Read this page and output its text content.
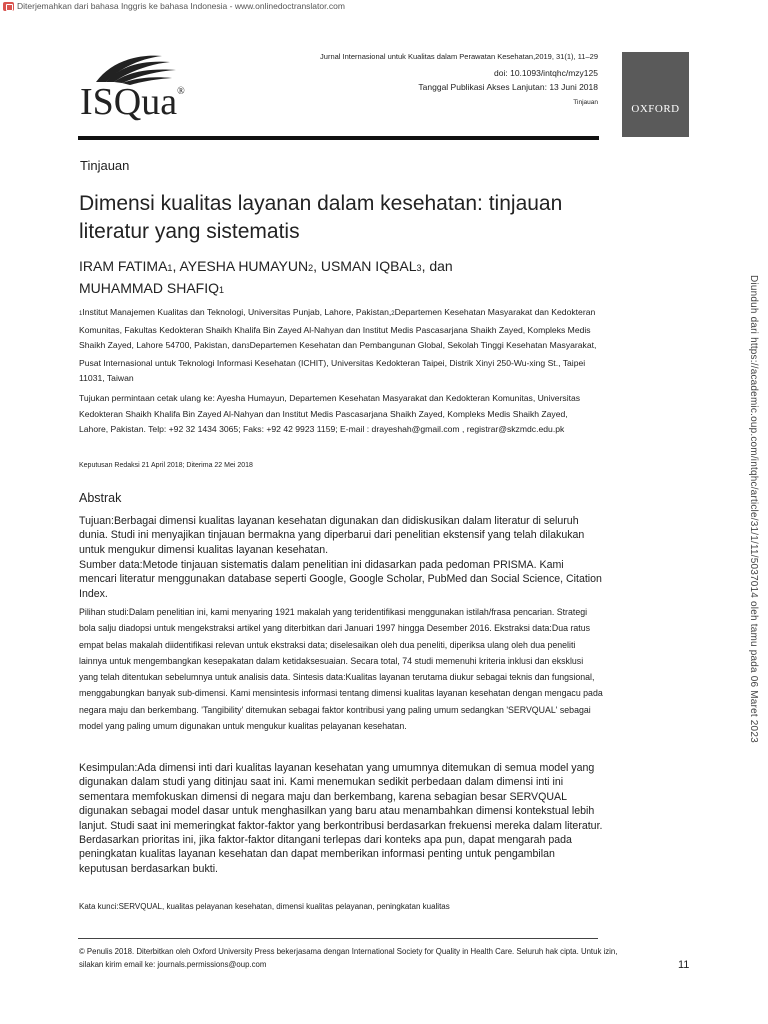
Diterjemahkan dari bahasa Inggris ke bahasa Indonesia - www.onlinedoctranslator.com
ISQua®
Jurnal Internasional untuk Kualitas dalam Perawatan Kesehatan,2019, 31(1), 11–29
doi: 10.1093/intqhc/mzy125
Tanggal Publikasi Akses Lanjutan: 13 Juni 2018
Tinjauan
OXFORD
Tinjauan
Dimensi kualitas layanan dalam kesehatan: tinjauan literatur yang sistematis
IRAM FATIMA1, AYESHA HUMAYUN2, USMAN IQBAL3, dan
MUHAMMAD SHAFIQ1
1Institut Manajemen Kualitas dan Teknologi, Universitas Punjab, Lahore, Pakistan,2Departemen Kesehatan Masyarakat dan Kedokteran Komunitas, Fakultas Kedokteran Shaikh Khalifa Bin Zayed Al-Nahyan dan Institut Medis Pascasarjana Shaikh Zayed, Kompleks Medis Shaikh Zayed, Lahore 54700, Pakistan, dan3Departemen Kesehatan dan Pembangunan Global, Sekolah Tinggi Kesehatan Masyarakat, Pusat Internasional untuk Teknologi Informasi Kesehatan (ICHIT), Universitas Kedokteran Taipei, Distrik Xinyi 250-Wu-xing St., Taipei 11031, Taiwan
Tujukan permintaan cetak ulang ke: Ayesha Humayun, Departemen Kesehatan Masyarakat dan Kedokteran Komunitas, Universitas Kedokteran Shaikh Khalifa Bin Zayed Al-Nahyan dan Institut Medis Pascasarjana Shaikh Zayed, Kompleks Medis Shaikh Zayed, Lahore, Pakistan. Telp: +92 32 1434 3065; Faks: +92 42 9923 1159; E-mail : drayeshah@gmail.com , registrar@skzmdc.edu.pk
Keputusan Redaksi 21 April 2018; Diterima 22 Mei 2018
Abstrak
Tujuan:Berbagai dimensi kualitas layanan kesehatan digunakan dan didiskusikan dalam literatur di seluruh dunia. Studi ini menyajikan tinjauan bermakna yang diperbarui dari penelitian ekstensif yang telah dilakukan untuk mengukur dimensi kualitas layanan kesehatan.
Sumber data:Metode tinjauan sistematis dalam penelitian ini didasarkan pada pedoman PRISMA. Kami mencari literatur menggunakan database seperti Google, Google Scholar, PubMed dan Social Science, Citation Index.
Pilihan studi:Dalam penelitian ini, kami menyaring 1921 makalah yang teridentifikasi menggunakan istilah/frasa pencarian. Strategi bola salju diadopsi untuk mengekstraksi artikel yang diterbitkan dari Januari 1997 hingga Desember 2016. Ekstraksi data:Dua ratus empat belas makalah diidentifikasi relevan untuk ekstraksi data; diselesaikan oleh dua peneliti, diperiksa ulang oleh dua peneliti lainnya untuk mengembangkan kesepakatan dalam ketidaksesuaian. Secara total, 74 studi memenuhi kriteria inklusi dan eksklusi yang telah ditentukan sebelumnya untuk analisis data. Sintesis data:Kualitas layanan terutama diukur sebagai teknis dan fungsional, menggabungkan banyak sub-dimensi. Kami mensintesis informasi tentang dimensi kualitas layanan kesehatan dengan mengacu pada negara maju dan berkembang. 'Tangibility' ditemukan sebagai faktor kontribusi yang paling umum sedangkan 'SERVQUAL' sebagai model yang paling umum digunakan untuk mengukur kualitas pelayanan kesehatan.
Kesimpulan:Ada dimensi inti dari kualitas layanan kesehatan yang umumnya ditemukan di semua model yang digunakan dalam studi yang ditinjau saat ini. Kami menemukan sedikit perbedaan dalam dimensi inti ini sementara memfokuskan dimensi di negara maju dan berkembang, karena sebagian besar SERVQUAL digunakan sebagai model dasar untuk menghasilkan yang baru atau menambahkan dimensi kontekstual lebih lanjut. Studi saat ini memeringkat faktor-faktor yang berkontribusi berdasarkan frekuensi mereka dalam literatur. Berdasarkan prioritas ini, jika faktor-faktor ditangani terlepas dari konteks apa pun, dapat mengarah pada peningkatan kualitas layanan kesehatan dan dapat memberikan informasi penting untuk pengambilan keputusan berdasarkan bukti.
Kata kunci:SERVQUAL, kualitas pelayanan kesehatan, dimensi kualitas pelayanan, peningkatan kualitas
© Penulis 2018. Diterbitkan oleh Oxford University Press bekerjasama dengan International Society for Quality in Health Care. Seluruh hak cipta. Untuk izin, silakan kirim email ke: journals.permissions@oup.com	11
Diunduh dari https://academic.oup.com/intqhc/article/31/1/11/5037014 oleh tamu pada 06 Maret 2023
